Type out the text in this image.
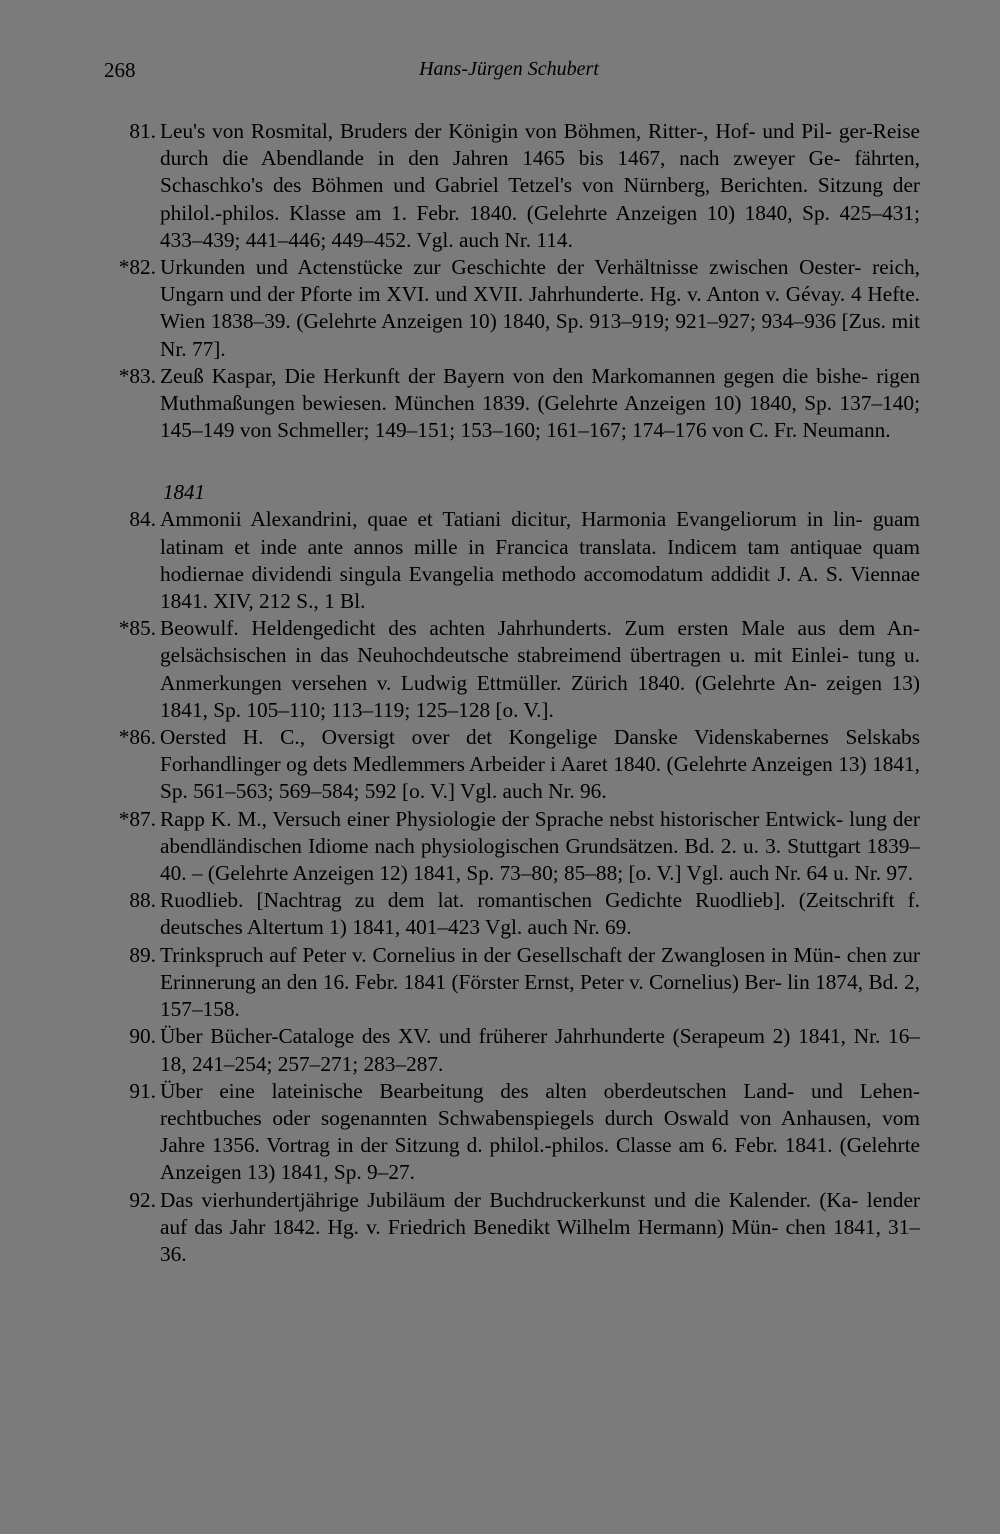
268	Hans-Jürgen Schubert
81. Leu's von Rosmital, Bruders der Königin von Böhmen, Ritter-, Hof- und Pil- ger-Reise durch die Abendlande in den Jahren 1465 bis 1467, nach zweyer Ge- fährten, Schaschko's des Böhmen und Gabriel Tetzel's von Nürnberg, Berichten. Sitzung der philol.-philos. Klasse am 1. Febr. 1840. (Gelehrte Anzeigen 10) 1840, Sp. 425–431; 433–439; 441–446; 449–452. Vgl. auch Nr. 114.
*82. Urkunden und Actenstücke zur Geschichte der Verhältnisse zwischen Oester- reich, Ungarn und der Pforte im XVI. und XVII. Jahrhunderte. Hg. v. Anton v. Gévay. 4 Hefte. Wien 1838–39. (Gelehrte Anzeigen 10) 1840, Sp. 913–919; 921–927; 934–936 [Zus. mit Nr. 77].
*83. Zeuß Kaspar, Die Herkunft der Bayern von den Markomannen gegen die bishe- rigen Muthmaßungen bewiesen. München 1839. (Gelehrte Anzeigen 10) 1840, Sp. 137–140; 145–149 von Schmeller; 149–151; 153–160; 161–167; 174–176 von C. Fr. Neumann.
1841
84. Ammonii Alexandrini, quae et Tatiani dicitur, Harmonia Evangeliorum in lin- guam latinam et inde ante annos mille in Francica translata. Indicem tam antiquae quam hodiernae dividendi singula Evangelia methodo accomodatum addidit J. A. S. Viennae 1841. XIV, 212 S., 1 Bl.
*85. Beowulf. Heldengedicht des achten Jahrhunderts. Zum ersten Male aus dem An- gelsächsischen in das Neuhochdeutsche stabreimend übertragen u. mit Einlei- tung u. Anmerkungen versehen v. Ludwig Ettmüller. Zürich 1840. (Gelehrte An- zeigen 13) 1841, Sp. 105–110; 113–119; 125–128 [o. V.].
*86. Oersted H. C., Oversigt over det Kongelige Danske Videnskabernes Selskabs Forhandlinger og dets Medlemmers Arbeider i Aaret 1840. (Gelehrte Anzeigen 13) 1841, Sp. 561–563; 569–584; 592 [o. V.] Vgl. auch Nr. 96.
*87. Rapp K. M., Versuch einer Physiologie der Sprache nebst historischer Entwick- lung der abendländischen Idiome nach physiologischen Grundsätzen. Bd. 2. u. 3. Stuttgart 1839–40. – (Gelehrte Anzeigen 12) 1841, Sp. 73–80; 85–88; [o. V.] Vgl. auch Nr. 64 u. Nr. 97.
88. Ruodlieb. [Nachtrag zu dem lat. romantischen Gedichte Ruodlieb]. (Zeitschrift f. deutsches Altertum 1) 1841, 401–423 Vgl. auch Nr. 69.
89. Trinkspruch auf Peter v. Cornelius in der Gesellschaft der Zwanglosen in Mün- chen zur Erinnerung an den 16. Febr. 1841 (Förster Ernst, Peter v. Cornelius) Ber- lin 1874, Bd. 2, 157–158.
90. Über Bücher-Cataloge des XV. und früherer Jahrhunderte (Serapeum 2) 1841, Nr. 16–18, 241–254; 257–271; 283–287.
91. Über eine lateinische Bearbeitung des alten oberdeutschen Land- und Lehen- rechtbuches oder sogenannten Schwabenspiegels durch Oswald von Anhausen, vom Jahre 1356. Vortrag in der Sitzung d. philol.-philos. Classe am 6. Febr. 1841. (Gelehrte Anzeigen 13) 1841, Sp. 9–27.
92. Das vierhundertjährige Jubiläum der Buchdruckerkunst und die Kalender. (Ka- lender auf das Jahr 1842. Hg. v. Friedrich Benedikt Wilhelm Hermann) Mün- chen 1841, 31–36.
